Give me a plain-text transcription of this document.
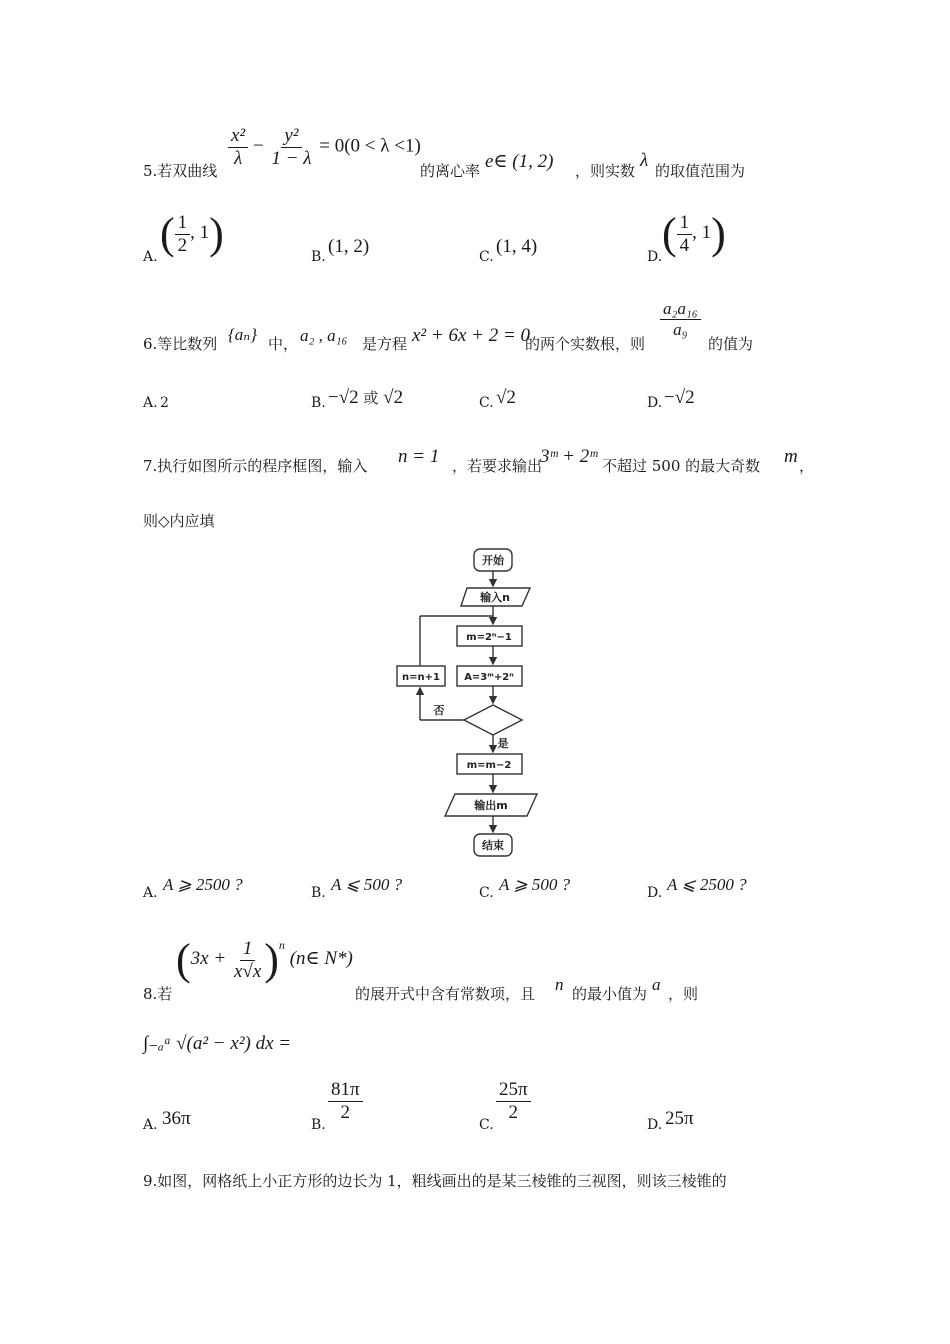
5.若双曲线
$\frac{\text{x²}}{\lambda} - \frac{\text{y²}}{1 - \lambda} = 0(0 < \lambda <1)$
的离心率 e∈ (1, 2) ，则实数 λ 的取值范围为
A. ( $\frac{1}{2}$ , 1)	B. (1, 2)	C. (1, 4)	D. ( $\frac{1}{4}$ , 1)
6.等比数列 {aₙ} 中， a₂ , a₁₆ 是方程 x² + 6x + 2 = 0
的两个实数根，则
$\frac{\text{a₂a₁₆}}{\text{a₉}}$
的值为
A. 2	B. −√2 或 √2	C. √2	D. −√2
7.执行如图所示的程序框图，输入 n = 1 ，若要求输出
3ᵐ + 2ᵐ 不超过 500 的最大奇数 m ，
则◇内应填
开始
输入n
m=2ⁿ−1
A=3ᵐ+2ⁿ
n=n+1
否
是
m=m−2
输出m
结束
A. A ⩾ 2500 ?	B. A ⩽ 500 ?	C. A ⩾ 500 ?	D. A ⩽ 2500 ?
8.若
$(3x + \frac{1}{x√x} )^n$ (n∈ N*)
的展开式中含有常数项，且 n 的最小值为 a ，则
∫₋ₐᵃ √(a² − x²) dx =
A. 36π	B.
$\frac{81\pi}{2}$
C.
$\frac{25\pi}{2}$
D. 25π
9.如图，网格纸上小正方形的边长为 1，粗线画出的是某三棱锥的三视图，则该三棱锥的
